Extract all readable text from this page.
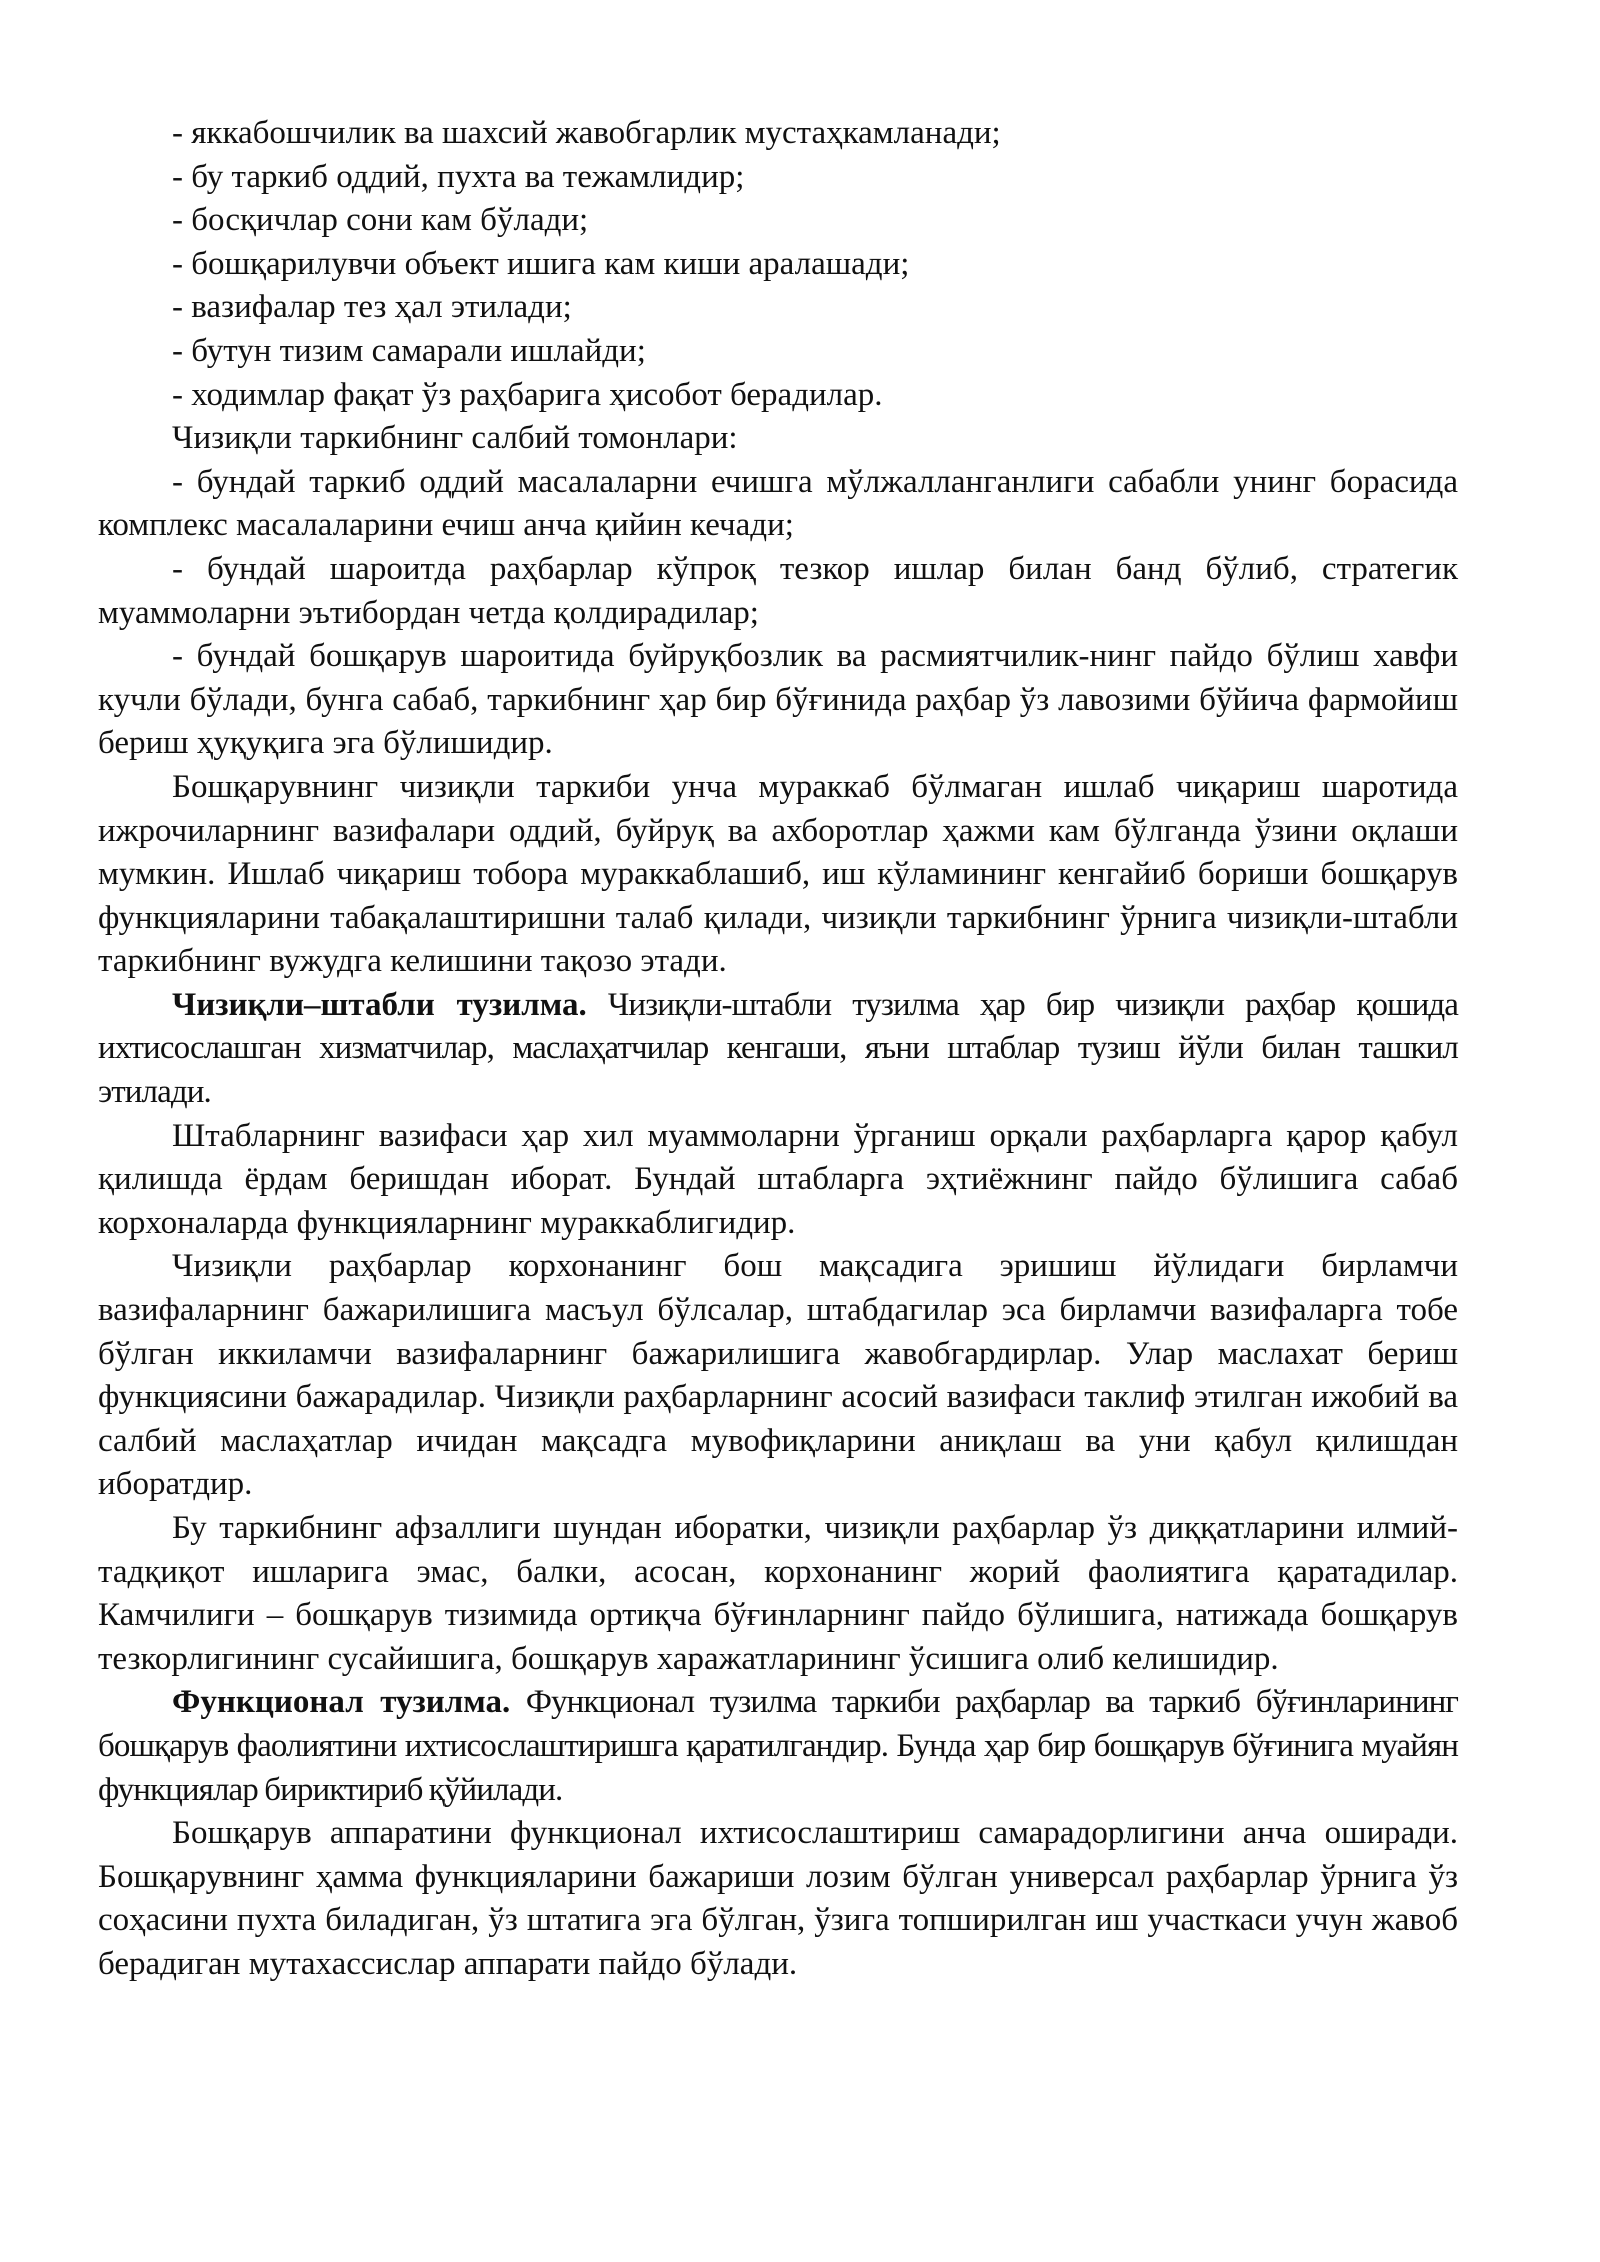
- яккабошчилик ва шахсий жавобгарлик мустаҳкамланади;

- бу таркиб оддий, пухта ва тежамлидир;

- босқичлар сони кам бўлади;

- бошқарилувчи объект ишига кам киши аралашади;

- вазифалар тез ҳал этилади;

- бутун тизим самарали ишлайди;

- ходимлар фақат ўз раҳбарига ҳисобот берадилар.

Чизиқли таркибнинг салбий томонлари:

- бундай таркиб оддий масалаларни ечишга мўлжалланганлиги сабабли унинг борасида комплекс масалаларини ечиш анча қийин кечади;

- бундай шароитда раҳбарлар кўпроқ тезкор ишлар билан банд бўлиб, стратегик муаммоларни эътибордан четда қолдирадилар;

- бундай бошқарув шароитида буйруқбозлик ва расмиятчилик-нинг пайдо бўлиш хавфи кучли бўлади, бунга сабаб, таркибнинг ҳар бир бўғинида раҳбар ўз лавозими бўйича фармойиш бериш ҳуқуқига эга бўлишидир.

Бошқарувнинг чизиқли таркиби унча мураккаб бўлмаган ишлаб чиқариш шаротида ижрочиларнинг вазифалари оддий, буйруқ ва ахборотлар ҳажми кам бўлганда ўзини оқлаши мумкин. Ишлаб чиқариш тобора мураккаблашиб, иш кўламининг кенгайиб бориши бошқарув функцияларини табақалаштиришни талаб қилади, чизиқли таркибнинг ўрнига чизиқли-штабли таркибнинг вужудга келишини тақозо этади.

Чизиқли–штабли тузилма. Чизиқли-штабли тузилма ҳар бир чизиқли раҳбар қошида ихтисослашган хизматчилар, маслаҳатчилар кенгаши, яъни штаблар тузиш йўли билан ташкил этилади.

Штабларнинг вазифаси ҳар хил муаммоларни ўрганиш орқали раҳбарларга қарор қабул қилишда ёрдам беришдан иборат. Бундай штабларга эҳтиёжнинг пайдо бўлишига сабаб корхоналарда функцияларнинг мураккаблигидир.

Чизиқли раҳбарлар корхонанинг бош мақсадига эришиш йўлидаги бирламчи вазифаларнинг бажарилишига масъул бўлсалар, штабдагилар эса бирламчи вазифаларга тобе бўлган иккиламчи вазифаларнинг бажарилишига жавобгардирлар. Улар маслахат бериш функциясини бажарадилар. Чизиқли раҳбарларнинг асосий вазифаси таклиф этилган ижобий ва салбий маслаҳатлар ичидан мақсадга мувофиқларини аниқлаш ва уни қабул қилишдан иборатдир.

Бу таркибнинг афзаллиги шундан иборатки, чизиқли раҳбарлар ўз диққатларини илмий-тадқиқот ишларига эмас, балки, асосан, корхонанинг жорий фаолиятига қаратадилар. Камчилиги – бошқарув тизимида ортиқча бўғинларнинг пайдо бўлишига, натижада бошқарув тезкорлигининг сусайишига, бошқарув харажатларининг ўсишига олиб келишидир.

Функционал тузилма. Функционал тузилма таркиби раҳбарлар ва таркиб бўғинларининг бошқарув фаолиятини ихтисослаштиришга қаратилгандир. Бунда ҳар бир бошқарув бўғинига муайян функциялар бириктириб қўйилади.

Бошқарув аппаратини функционал ихтисослаштириш самарадорлигини анча оширади. Бошқарувнинг ҳамма функцияларини бажариши лозим бўлган универсал раҳбарлар ўрнига ўз соҳасини пухта биладиган, ўз штатига эга бўлган, ўзига топширилган иш участкаси учун жавоб берадиган мутахассислар аппарати пайдо бўлади.
